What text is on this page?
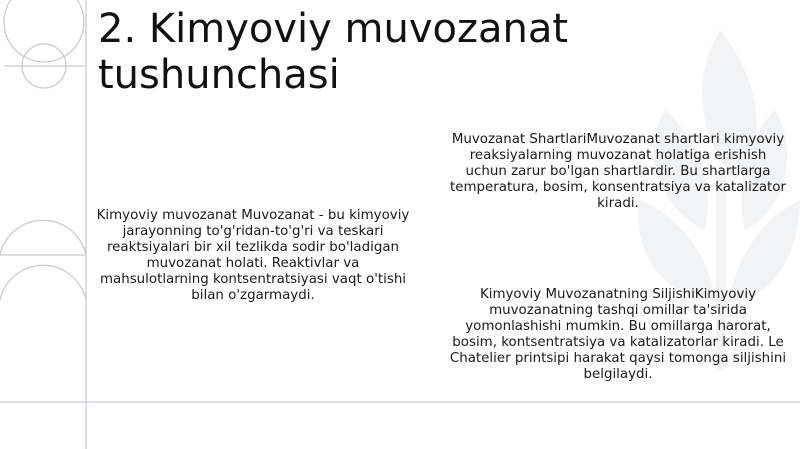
2. Kimyoviy muvozanat tushunchasi
Kimyoviy muvozanat Muvozanat - bu kimyoviy jarayonning to'g'ridan-to'g'ri va teskari reaktsiyalari bir xil tezlikda sodir bo'ladigan muvozanat holati. Reaktivlar va mahsulotlarning kontsentratsiyasi vaqt o'tishi bilan o'zgarmaydi.
Muvozanat ShartlariMuvozanat shartlari kimyoviy reaksiyalarning muvozanat holatiga erishish uchun zarur bo'lgan shartlardir. Bu shartlarga temperatura, bosim, konsentratsiya va katalizator kiradi.
Kimyoviy Muvozanatning SiljishiKimyoviy muvozanatning tashqi omillar ta'sirida yomonlashishi mumkin. Bu omillarga harorat, bosim, kontsentratsiya va katalizatorlar kiradi. Le Chatelier printsipi harakat qaysi tomonga siljishini belgilaydi.
